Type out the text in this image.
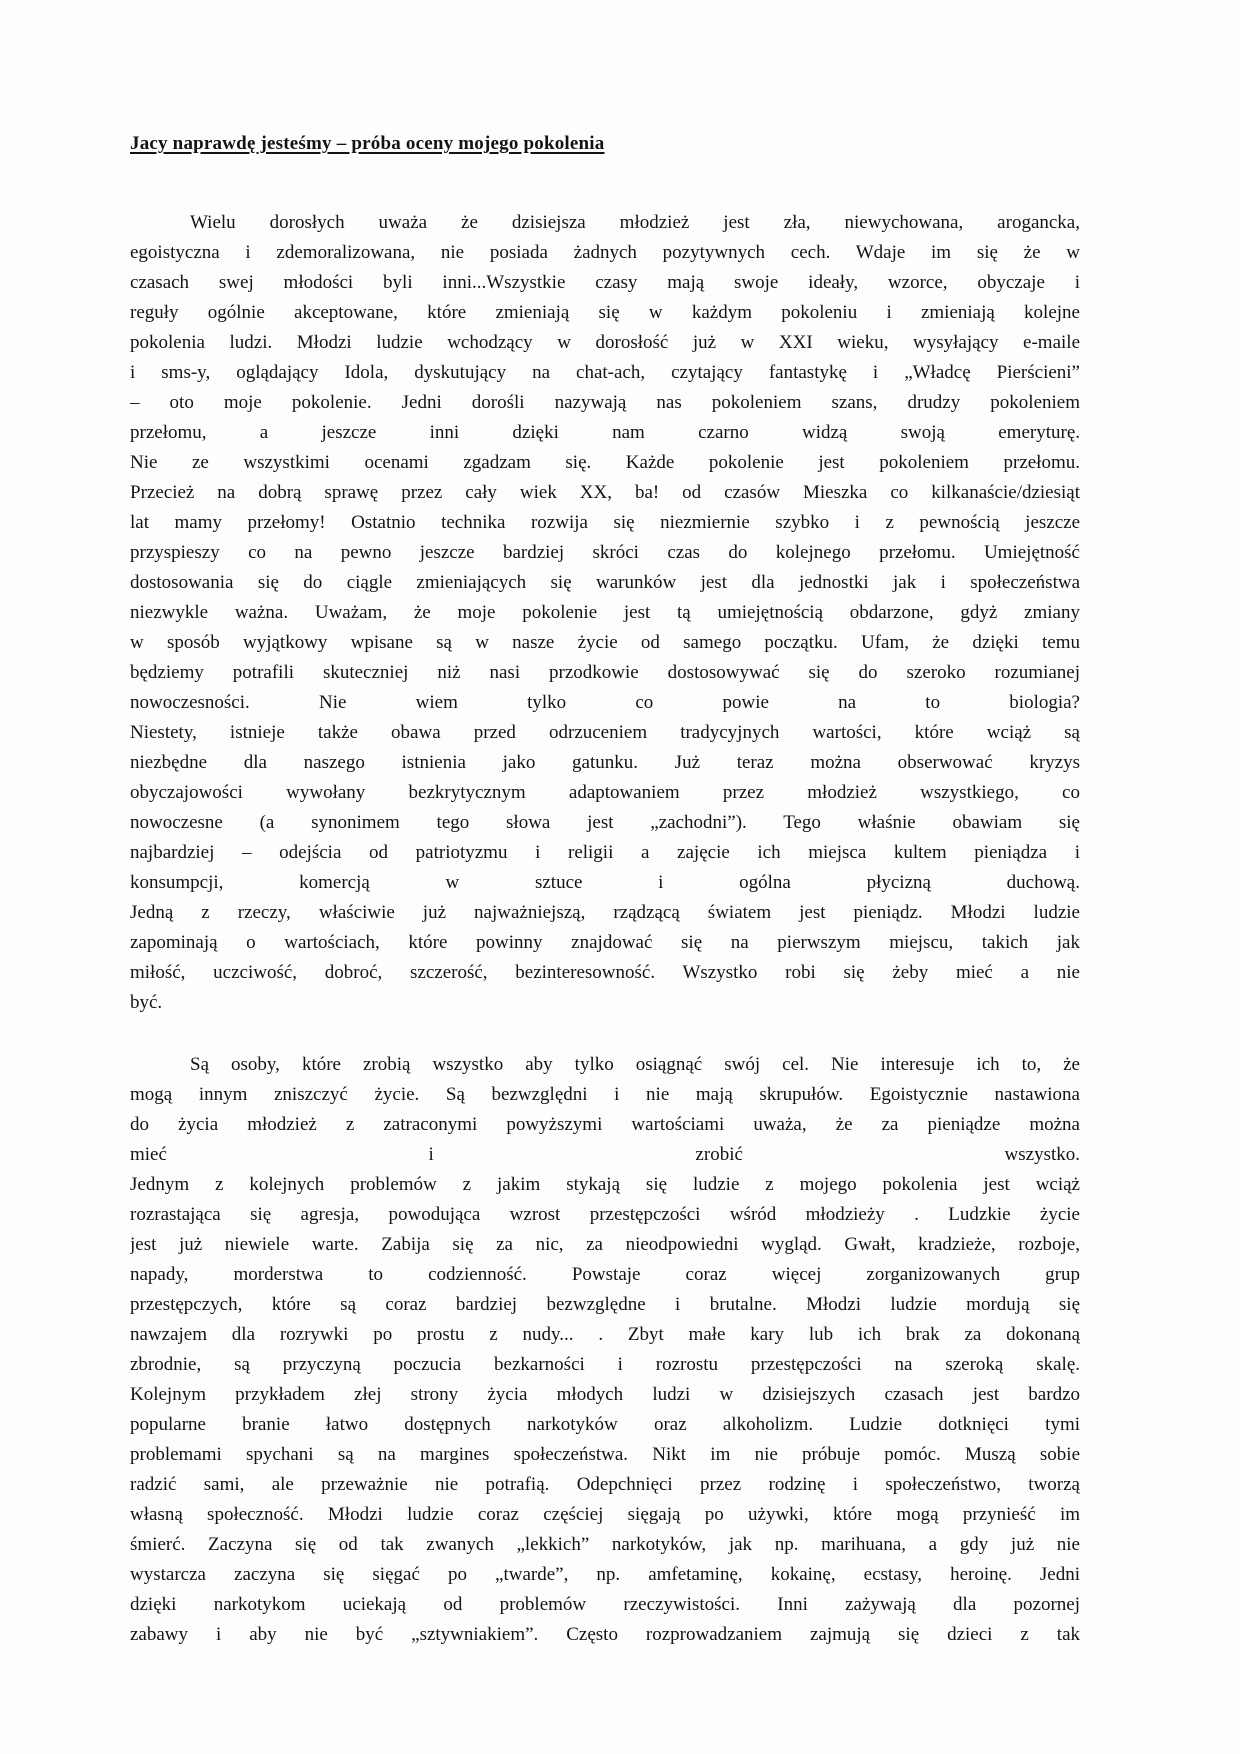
Jacy naprawdę jesteśmy – próba oceny mojego pokolenia
Wielu dorosłych uważa że dzisiejsza młodzież jest zła, niewychowana, arogancka,
egoistyczna i zdemoralizowana, nie posiada żadnych pozytywnych cech. Wdaje im się że w
czasach swej młodości byli inni...Wszystkie czasy mają swoje ideały, wzorce, obyczaje i
reguły ogólnie akceptowane, które zmieniają się w każdym pokoleniu i zmieniają kolejne
pokolenia ludzi. Młodzi ludzie wchodzący w dorosłość już w XXI wieku, wysyłający e-maile
i sms-y, oglądający Idola, dyskutujący na chat-ach, czytający fantastykę i „Władcę Pierścieni”
– oto moje pokolenie. Jedni dorośli nazywają nas pokoleniem szans, drudzy pokoleniem
przełomu, a jeszcze inni dzięki nam czarno widzą swoją emeryturę.
Nie ze wszystkimi ocenami zgadzam się. Każde pokolenie jest pokoleniem przełomu.
Przecież na dobrą sprawę przez cały wiek XX, ba! od czasów Mieszka co kilkanaście/dziesiąt
lat mamy przełomy! Ostatnio technika rozwija się niezmiernie szybko i z pewnością jeszcze
przyspieszy co na pewno jeszcze bardziej skróci czas do kolejnego przełomu. Umiejętność
dostosowania się do ciągle zmieniających się warunków jest dla jednostki jak i społeczeństwa
niezwykle ważna. Uważam, że moje pokolenie jest tą umiejętnością obdarzone, gdyż zmiany
w sposób wyjątkowy wpisane są w nasze życie od samego początku. Ufam, że dzięki temu
będziemy potrafili skuteczniej niż nasi przodkowie dostosowywać się do szeroko rozumianej
nowoczesności. Nie wiem tylko co powie na to biologia?
Niestety, istnieje także obawa przed odrzuceniem tradycyjnych wartości, które wciąż są
niezbędne dla naszego istnienia jako gatunku. Już teraz można obserwować kryzys
obyczajowości wywołany bezkrytycznym adaptowaniem przez młodzież wszystkiego, co
nowoczesne (a synonimem tego słowa jest „zachodni”). Tego właśnie obawiam się
najbardziej – odejścia od patriotyzmu i religii a zajęcie ich miejsca kultem pieniądza i
konsumpcji, komercją w sztuce i ogólna płycizną duchową.
Jedną z rzeczy, właściwie już najważniejszą, rządzącą światem jest pieniądz. Młodzi ludzie
zapominają o wartościach, które powinny znajdować się na pierwszym miejscu, takich jak
miłość, uczciwość, dobroć, szczerość, bezinteresowność. Wszystko robi się żeby mieć a nie
być.
Są osoby, które zrobią wszystko aby tylko osiągnąć swój cel. Nie interesuje ich to, że
mogą innym zniszczyć życie. Są bezwzględni i nie mają skrupułów. Egoistycznie nastawiona
do życia młodzież z zatraconymi powyższymi wartościami uważa, że za pieniądze można
mieć i zrobić wszystko.
Jednym z kolejnych problemów z jakim stykają się ludzie z mojego pokolenia jest wciąż
rozrastająca się agresja, powodująca wzrost przestępczości wśród młodzieży . Ludzkie życie
jest już niewiele warte. Zabija się za nic, za nieodpowiedni wygląd. Gwałt, kradzieże, rozboje,
napady, morderstwa to codzienność. Powstaje coraz więcej zorganizowanych grup
przestępczych, które są coraz bardziej bezwzględne i brutalne. Młodzi ludzie mordują się
nawzajem dla rozrywki po prostu z nudy... . Zbyt małe kary lub ich brak za dokonaną
zbrodnie, są przyczyną poczucia bezkarności i rozrostu przestępczości na szeroką skalę.
Kolejnym przykładem złej strony życia młodych ludzi w dzisiejszych czasach jest bardzo
popularne branie łatwo dostępnych narkotyków oraz alkoholizm. Ludzie dotknięci tymi
problemami spychani są na margines społeczeństwa. Nikt im nie próbuje pomóc. Muszą sobie
radzić sami, ale przeważnie nie potrafią. Odepchnięci przez rodzinę i społeczeństwo, tworzą
własną społeczność. Młodzi ludzie coraz częściej sięgają po używki, które mogą przynieść im
śmierć. Zaczyna się od tak zwanych „lekkich” narkotyków, jak np. marihuana, a gdy już nie
wystarcza zaczyna się sięgać po „twarde”, np. amfetaminę, kokainę, ecstasy, heroinę. Jedni
dzięki narkotykom uciekają od problemów rzeczywistości. Inni zażywają dla pozornej
zabawy i aby nie być „sztywniakiem”. Często rozprowadzaniem zajmują się dzieci z tak
